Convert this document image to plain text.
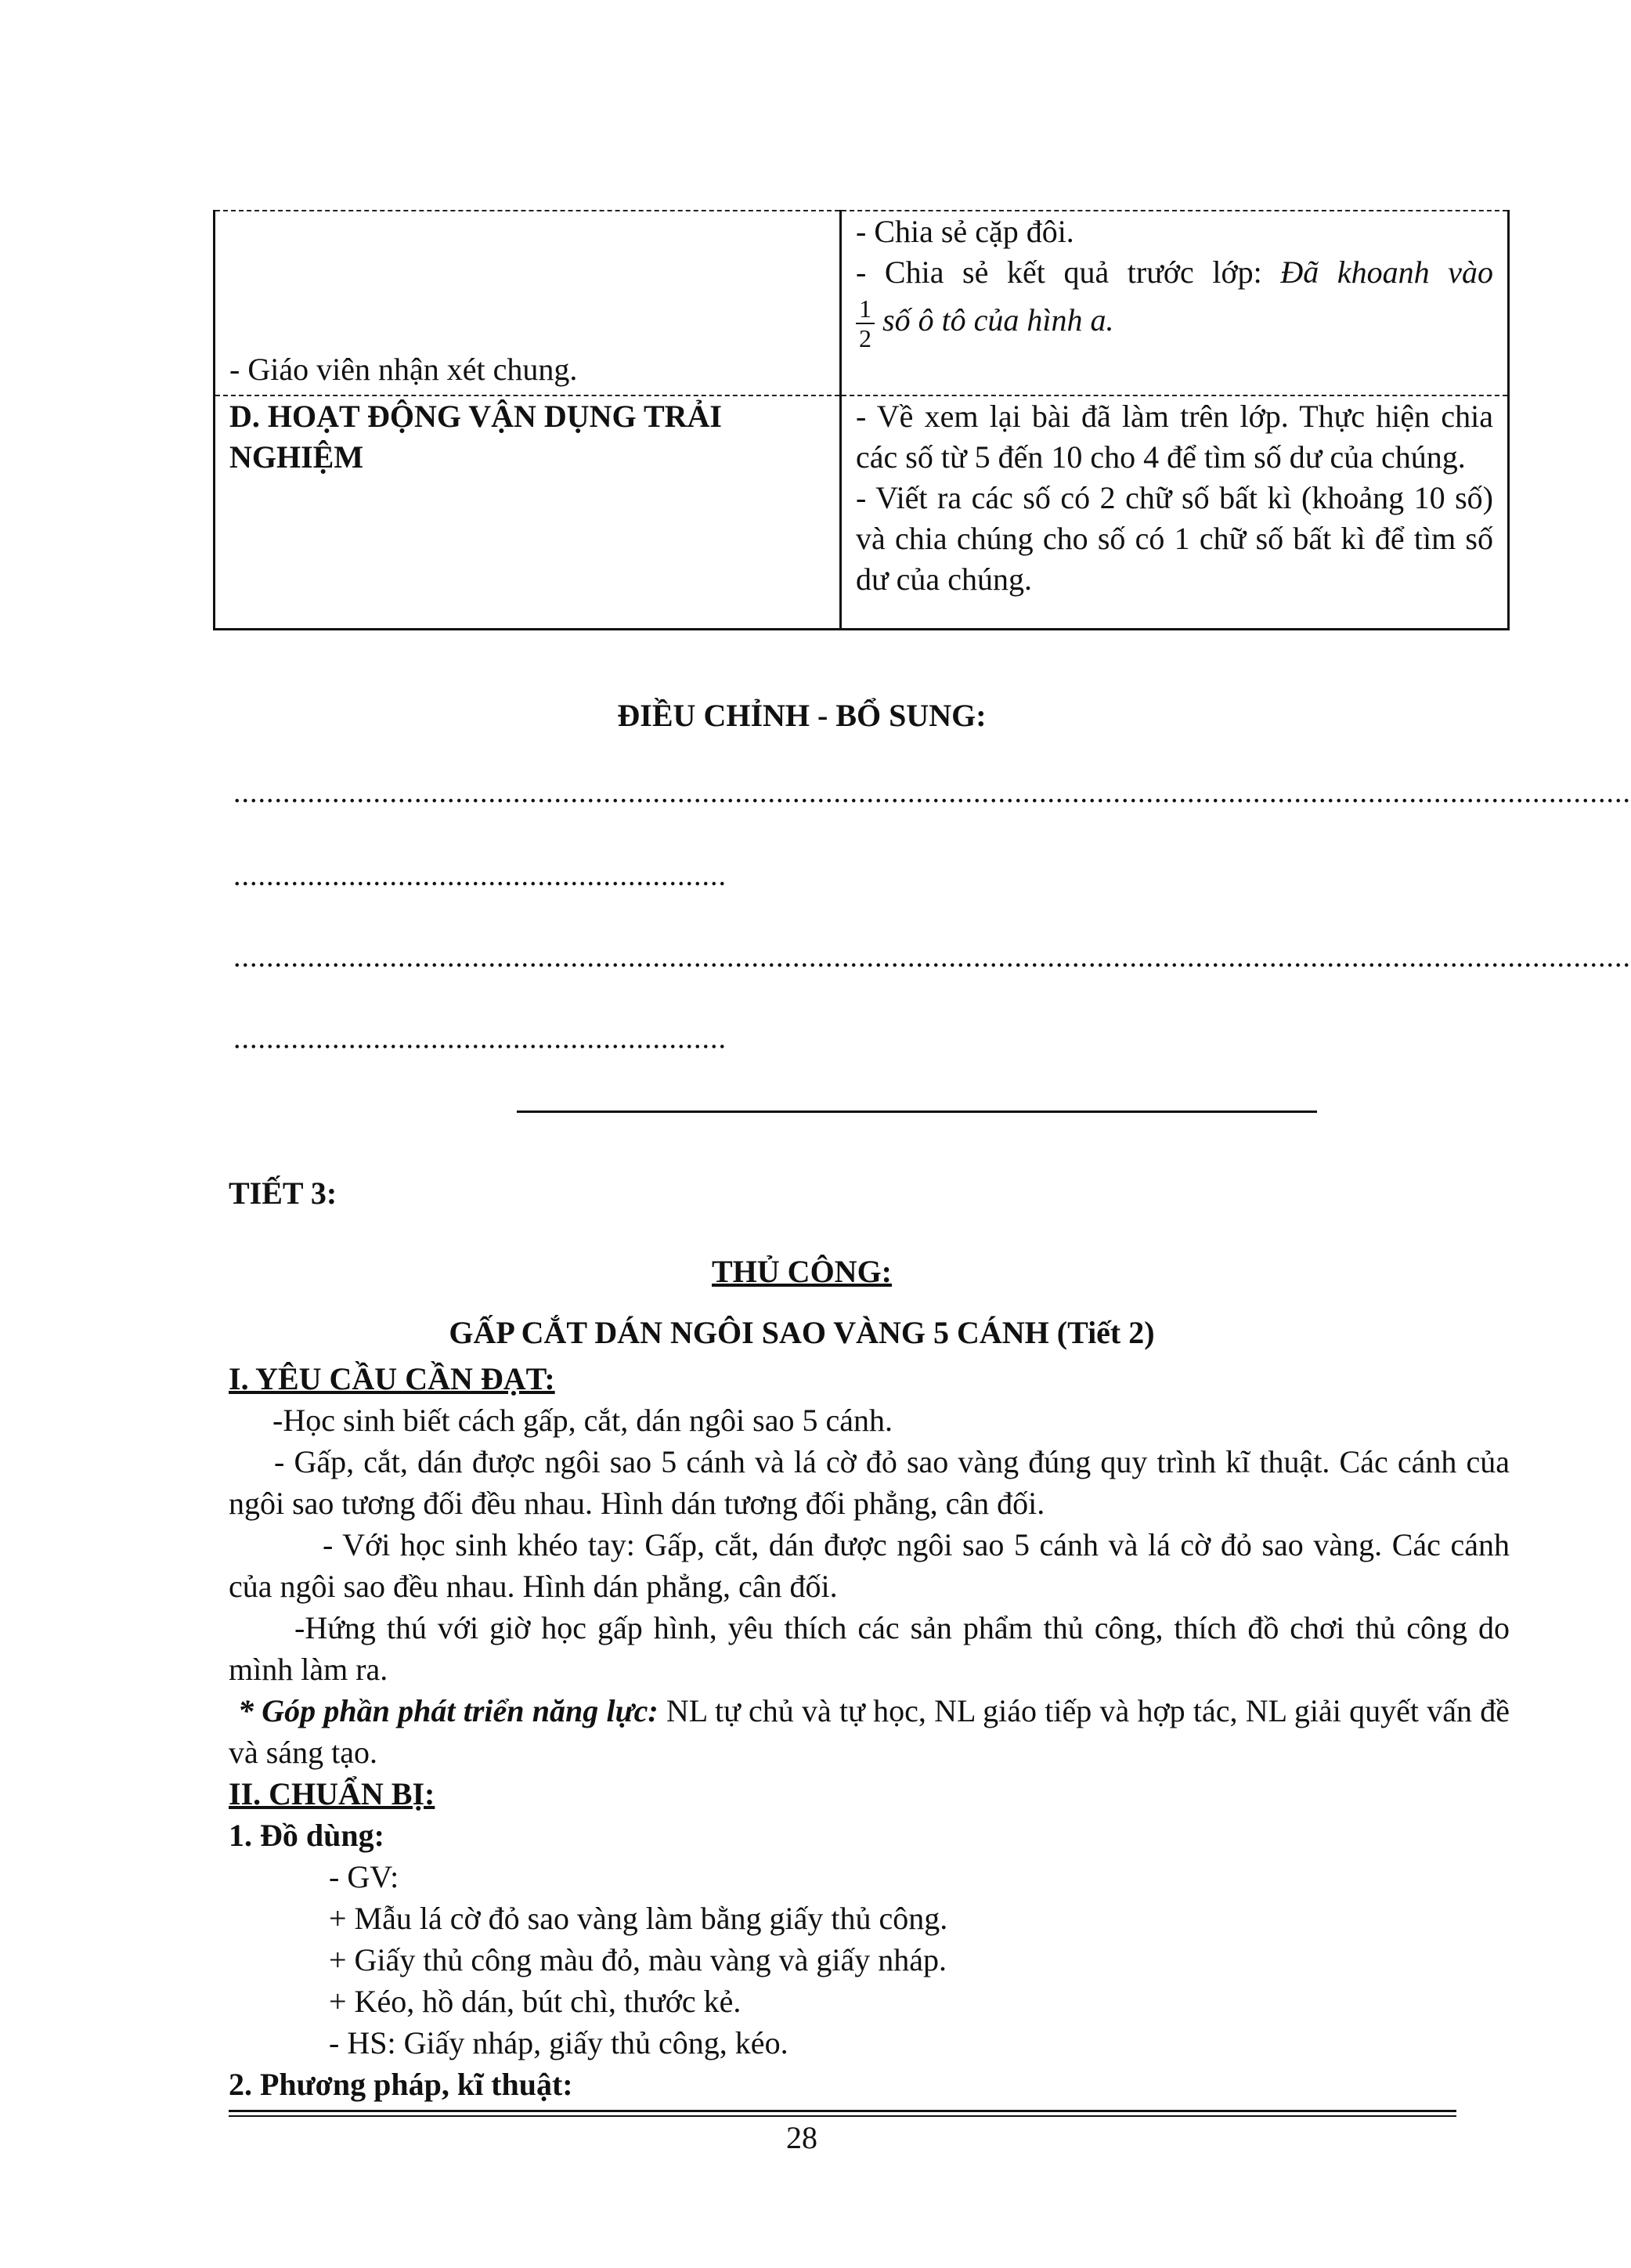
- Giáo viên nhận xét chung.	- Chia sẻ cặp đôi.
- Chia sẻ kết quả trước lớp: Đã khoanh vào
$\frac{1}{2}$ số ô tô của hình a.

D. HOẠT ĐỘNG VẬN DỤNG TRẢI NGHIỆM	- Về xem lại bài đã làm trên lớp. Thực hiện chia các số từ 5 đến 10 cho 4 để tìm số dư của chúng.
- Viết ra các số có 2 chữ số bất kì (khoảng 10 số) và chia chúng cho số có 1 chữ số bất kì để tìm số dư của chúng.
ĐIỀU CHỈNH - BỔ SUNG:
..........................................................................................................................................................................
............................................................
..........................................................................................................................................................................
............................................................
TIẾT 3:
THỦ CÔNG:
GẤP CẮT DÁN NGÔI SAO VÀNG 5 CÁNH (Tiết 2)
I. YÊU CẦU CẦN ĐẠT:
-Học sinh biết cách gấp, cắt, dán ngôi sao 5 cánh.
- Gấp, cắt, dán được ngôi sao 5 cánh và lá cờ đỏ sao vàng đúng quy trình kĩ thuật. Các cánh của ngôi sao tương đối đều nhau. Hình dán tương đối phẳng, cân đối.
- Với học sinh khéo tay: Gấp, cắt, dán được ngôi sao 5 cánh và lá cờ đỏ sao vàng. Các cánh của ngôi sao đều nhau. Hình dán phẳng, cân đối.
-Hứng thú với giờ học gấp hình, yêu thích các sản phẩm thủ công, thích đồ chơi thủ công do mình làm ra.
* Góp phần phát triển năng lực: NL tự chủ và tự học, NL giáo tiếp và hợp tác, NL giải quyết vấn đề và sáng tạo.
II. CHUẨN BỊ:
1. Đồ dùng:
- GV:
+ Mẫu lá cờ đỏ sao vàng làm bằng giấy thủ công.
+ Giấy thủ công màu đỏ, màu vàng và giấy nháp.
+ Kéo, hồ dán, bút chì, thước kẻ.
- HS: Giấy nháp, giấy thủ công, kéo.
2. Phương pháp, kĩ thuật:
28
